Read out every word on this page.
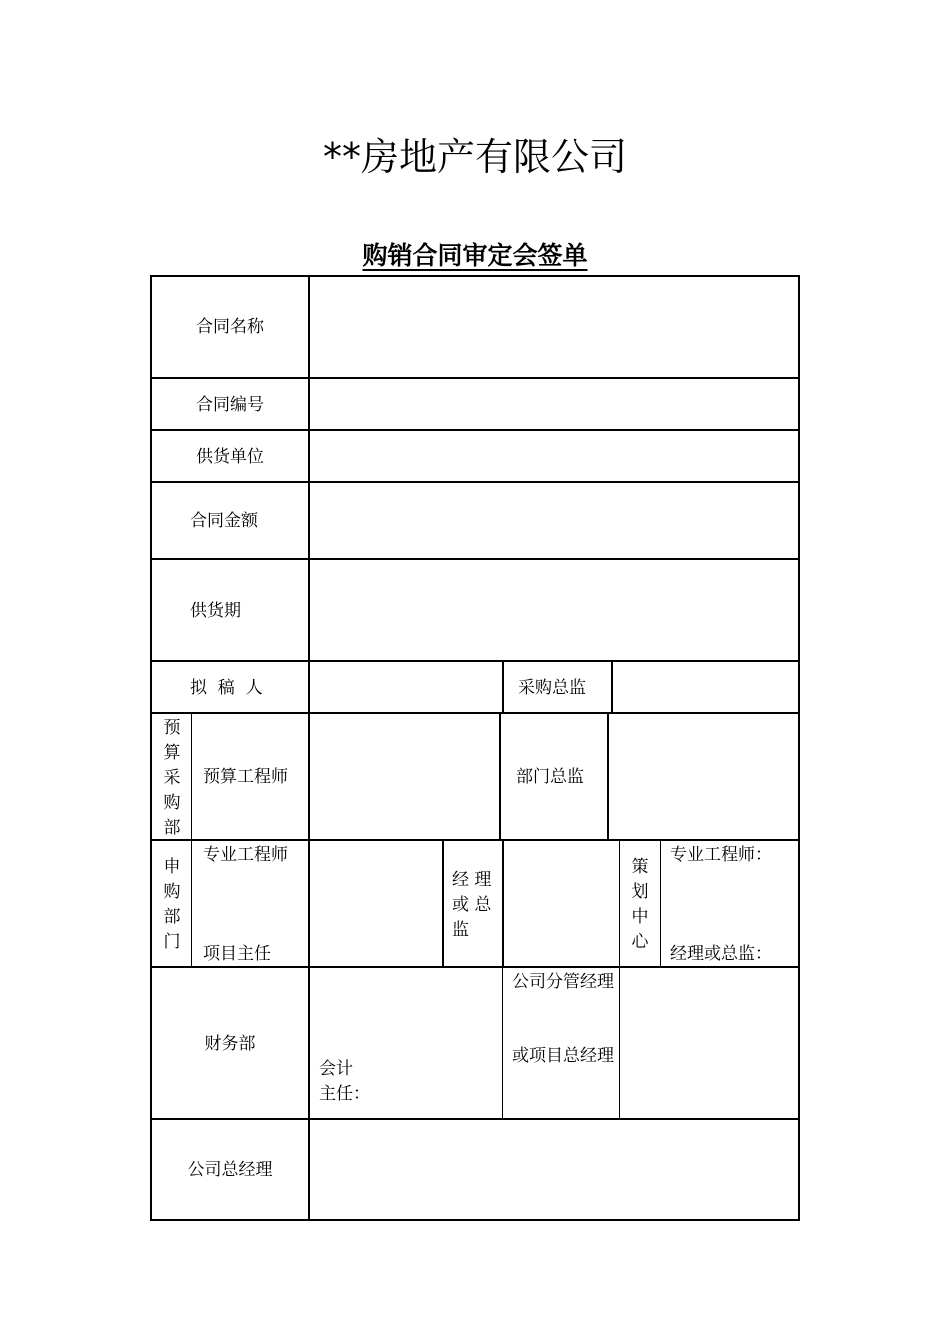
**房地产有限公司
购销合同审定会签单
合同名称
合同编号
供货单位
合同金额
供货期
拟  稿  人	采购总监
预
算
采
购
部
预算工程师	部门总监
申
购
部
门
专业工程师
项目主任
经 理
或 总
监
策
划
中
心
专业工程师：
经理或总监：
财务部
会计
主任：
公司分管经理
或项目总经理
公司总经理
